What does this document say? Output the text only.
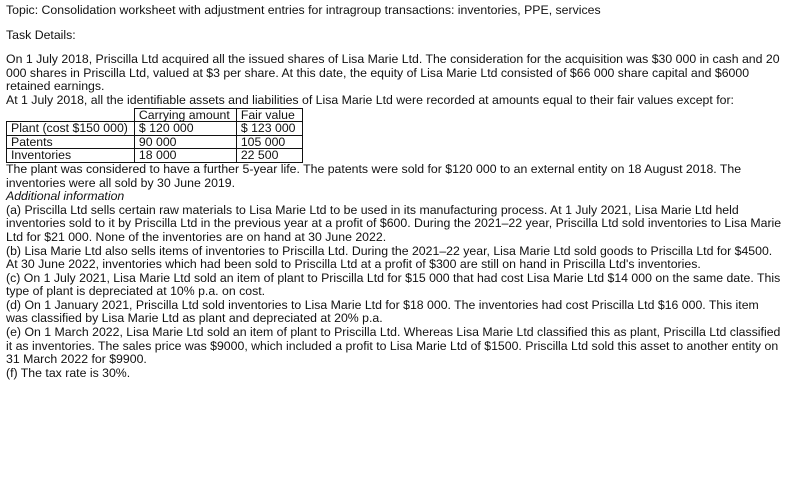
Topic: Consolidation worksheet with adjustment entries for intragroup transactions: inventories, PPE, services

Task Details:

On 1 July 2018, Priscilla Ltd acquired all the issued shares of Lisa Marie Ltd. The consideration for the acquisition was $30 000 in cash and 20 000 shares in Priscilla Ltd, valued at $3 per share. At this date, the equity of Lisa Marie Ltd consisted of $66 000 share capital and $6000 retained earnings.

At 1 July 2018, all the identifiable assets and liabilities of Lisa Marie Ltd were recorded at amounts equal to their fair values except for:

	Carrying amount	Fair value
Plant (cost $150 000)	$ 120 000	$ 123 000
Patents	90 000	105 000
Inventories	18 000	22 500

The plant was considered to have a further 5-year life. The patents were sold for $120 000 to an external entity on 18 August 2018. The inventories were all sold by 30 June 2019.

Additional information

(a) Priscilla Ltd sells certain raw materials to Lisa Marie Ltd to be used in its manufacturing process. At 1 July 2021, Lisa Marie Ltd held inventories sold to it by Priscilla Ltd in the previous year at a profit of $600. During the 2021–22 year, Priscilla Ltd sold inventories to Lisa Marie Ltd for $21 000. None of the inventories are on hand at 30 June 2022.

(b) Lisa Marie Ltd also sells items of inventories to Priscilla Ltd. During the 2021–22 year, Lisa Marie Ltd sold goods to Priscilla Ltd for $4500. At 30 June 2022, inventories which had been sold to Priscilla Ltd at a profit of $300 are still on hand in Priscilla Ltd's inventories.

(c) On 1 July 2021, Lisa Marie Ltd sold an item of plant to Priscilla Ltd for $15 000 that had cost Lisa Marie Ltd $14 000 on the same date. This type of plant is depreciated at 10% p.a. on cost.

(d) On 1 January 2021, Priscilla Ltd sold inventories to Lisa Marie Ltd for $18 000. The inventories had cost Priscilla Ltd $16 000. This item was classified by Lisa Marie Ltd as plant and depreciated at 20% p.a.

(e) On 1 March 2022, Lisa Marie Ltd sold an item of plant to Priscilla Ltd. Whereas Lisa Marie Ltd classified this as plant, Priscilla Ltd classified it as inventories. The sales price was $9000, which included a profit to Lisa Marie Ltd of $1500. Priscilla Ltd sold this asset to another entity on 31 March 2022 for $9900.

(f) The tax rate is 30%.
